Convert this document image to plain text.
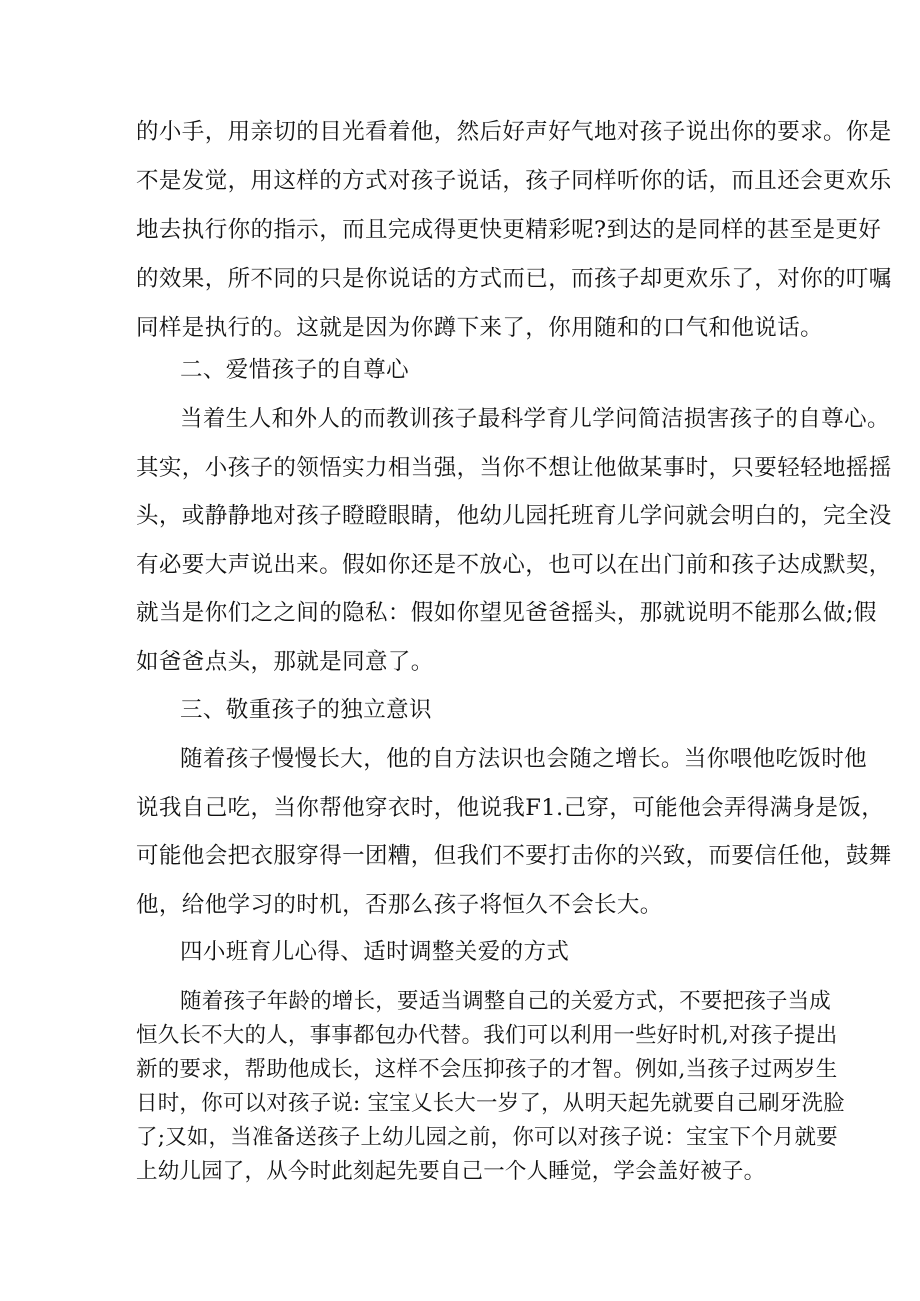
的小手，用亲切的目光看着他，然后好声好气地对孩子说出你的要求。你是
不是发觉，用这样的方式对孩子说话，孩子同样听你的话，而且还会更欢乐
地去执行你的指示，而且完成得更快更精彩呢?到达的是同样的甚至是更好
的效果，所不同的只是你说话的方式而已，而孩子却更欢乐了，对你的叮嘱
同样是执行的。这就是因为你蹲下来了，你用随和的口气和他说话。
二、爱惜孩子的自尊心
当着生人和外人的而教训孩子最科学育儿学问简洁损害孩子的自尊心。
其实，小孩子的领悟实力相当强，当你不想让他做某事时，只要轻轻地摇摇
头，或静静地对孩子瞪瞪眼睛，他幼儿园托班育儿学问就会明白的，完全没
有必要大声说出来。假如你还是不放心，也可以在出门前和孩子达成默契，
就当是你们之之间的隐私：假如你望见爸爸摇头，那就说明不能那么做;假
如爸爸点头，那就是同意了。
三、敬重孩子的独立意识
随着孩子慢慢长大，他的自方法识也会随之增长。当你喂他吃饭时他
说我自己吃，当你帮他穿衣时，他说我F1.己穿，可能他会弄得满身是饭，
可能他会把衣服穿得一团糟，但我们不要打击你的兴致，而要信任他，鼓舞
他，给他学习的时机，否那么孩子将恒久不会长大。
四小班育儿心得、适时调整关爱的方式
随着孩子年龄的增长，要适当调整自己的关爱方式，不要把孩子当成
恒久长不大的人，事事都包办代替。我们可以利用一些好时机,对孩子提出
新的要求，帮助他成长，这样不会压抑孩子的才智。例如,当孩子过两岁生
日时，你可以对孩子说: 宝宝乂长大一岁了，从明天起先就要自己刷牙洗脸
了;又如，当准备送孩子上幼儿园之前，你可以对孩子说：宝宝下个月就要
上幼儿园了，从今时此刻起先要自己一个人睡觉，学会盖好被子。
